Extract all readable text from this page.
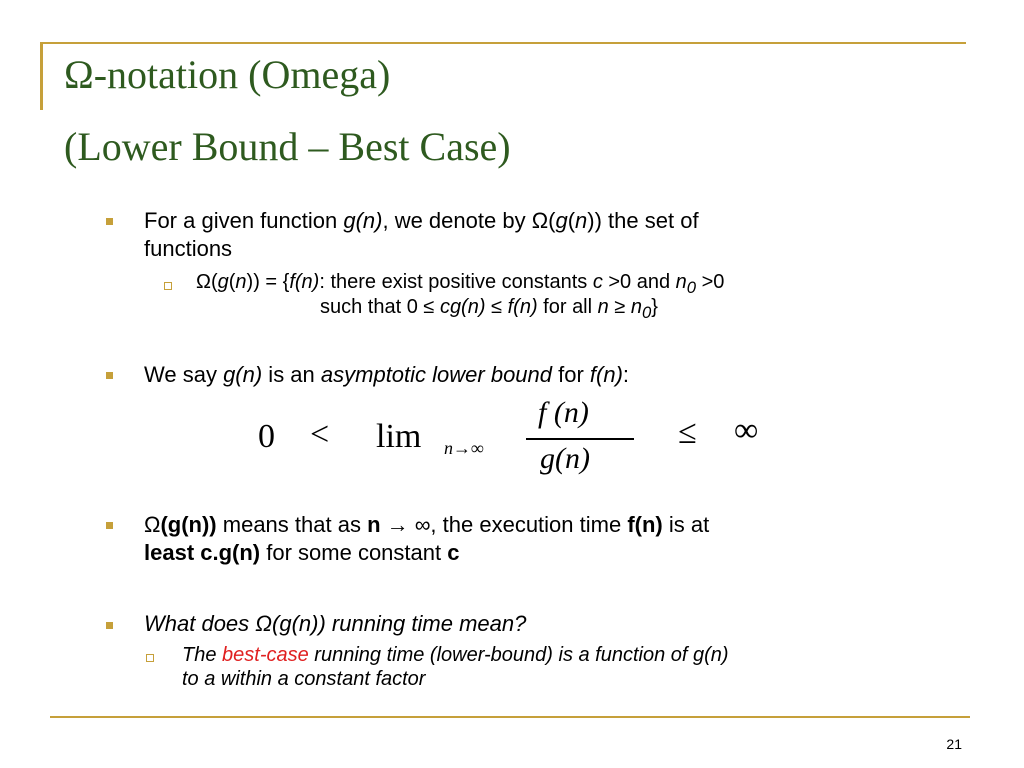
Ω-notation (Omega)
(Lower Bound – Best Case)
For a given function g(n), we denote by Ω(g(n)) the set of
functions
Ω(g(n)) = {f(n): there exist positive constants c >0 and $n_0 >0$
such that 0 ≤ cg(n) ≤ f(n) for all $n \ge n_0$}
We say g(n) is an asymptotic lower bound for f(n):
0 < lim n→∞
f (n)
g(n)
≤ ∞
Ω(g(n)) means that as n → ∞, the execution time f(n) is at
least c.g(n) for some constant c
What does Ω(g(n)) running time mean?
The best-case running time (lower-bound) is a function of g(n)
to a within a constant factor
21
